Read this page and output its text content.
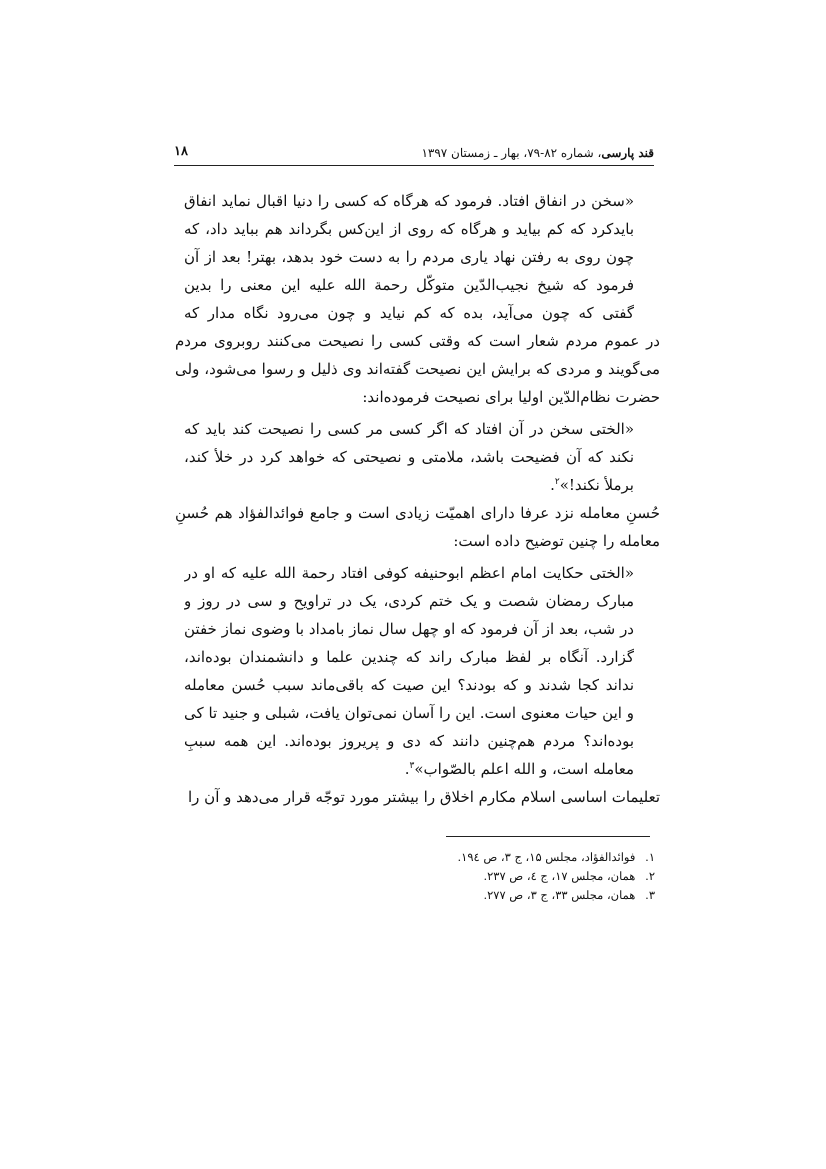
قند پارسی، شماره ۸۲-۷۹، بهار ـ زمستان ۱۳۹۷
۱۸
«سخن در انفاق افتاد. فرمود که هرگاه که کسی را دنیا اقبال نماید انفاق
بایدکرد که کم بیاید و هرگاه که روی از این‌کس بگرداند هم بباید داد، که
چون روی به رفتن نهاد یاری مردم را به دست خود بدهد، بهتر! بعد از آن
فرمود که شیخ نجیب‌الدّین متوکّل رحمة الله علیه این معنی را بدین
گفتی که چون می‌آید، بده که کم نیاید و چون می‌رود نگاه مدار که
در عموم مردم شعار است که وقتی کسی را نصیحت می‌کنند روبروی مردم
می‌گویند و مردی که برایش این نصیحت گفته‌اند وی ذلیل و رسوا می‌شود، ولی
حضرت نظام‌الدّین اولیا برای نصیحت فرموده‌اند:
«الختی سخن در آن افتاد که اگر کسی مر کسی را نصیحت کند باید که
نکند که آن فضیحت باشد، ملامتی و نصیحتی که خواهد کرد در خلأ کند،
برملأ نکند!»$^۲$.
حُسنِ معامله نزد عرفا دارای اهمیّت زیادی است و جامع فوائدالفؤاد هم حُسنِ
معامله را چنین توضیح داده است:
«الختی حکایت امام اعظم ابوحنیفه کوفی افتاد رحمة الله علیه که او در
مبارک رمضان شصت و یک ختم کردی، یک در تراویح و سی در روز و
در شب، بعد از آن فرمود که او چهل سال نماز بامداد با وضوی نماز خفتن
گزارد. آنگاه بر لفظ مبارک راند که چندین علما و دانشمندان بوده‌اند،
نداند کجا شدند و که بودند؟ این صیت که باقی‌ماند سبب حُسن معامله
و این حیات معنوی است. این را آسان نمی‌توان یافت، شبلی و جنید تا کی
بوده‌اند؟ مردم هم‌چنین دانند که دی و پریروز بوده‌اند. این همه سببِ
معامله است، و الله اعلم بالصّواب»$^۳$.
تعلیمات اساسی اسلام مکارم اخلاق را بیشتر مورد توجّه قرار می‌دهد و آن را
۱. فوائدالفؤاد، مجلس ۱۵، ج ۳، ص ۱۹٤.
۲. همان، مجلس ۱۷، ج ٤، ص ۲۳۷.
۳. همان، مجلس ۳۳، ج ۳، ص ۲۷۷.
